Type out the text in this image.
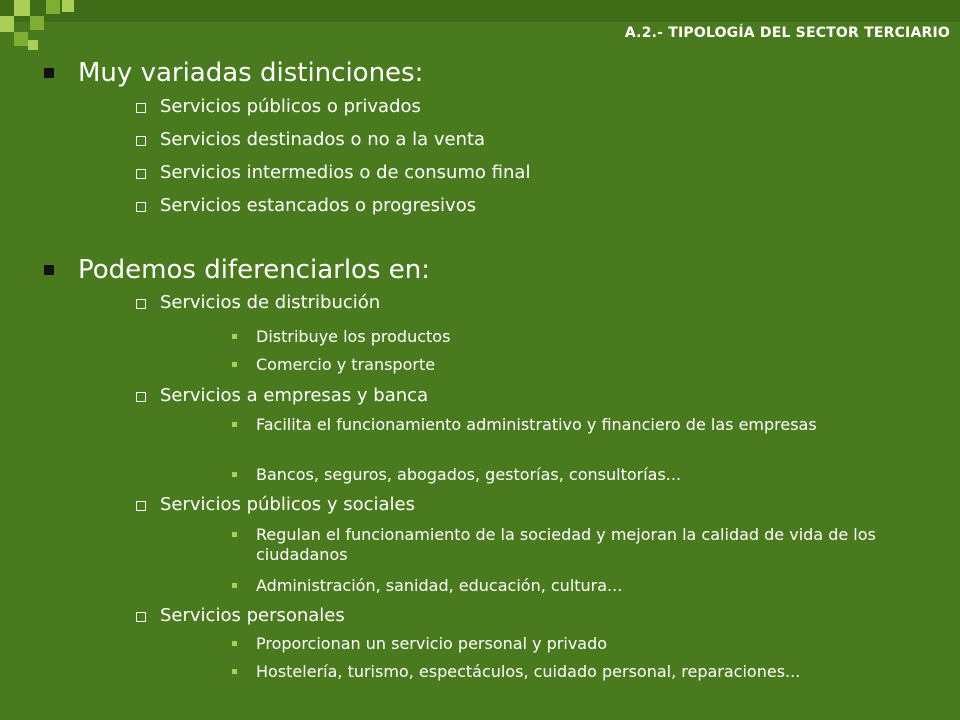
A.2.- TIPOLOGÍA DEL SECTOR TERCIARIO
Muy variadas distinciones:
Servicios públicos o privados
Servicios destinados o no a la venta
Servicios intermedios o de consumo final
Servicios estancados o progresivos
Podemos diferenciarlos en:
Servicios de distribución
Distribuye los productos
Comercio y transporte
Servicios a empresas y banca
Facilita el funcionamiento administrativo y financiero de las empresas
Bancos, seguros, abogados, gestorías, consultorías...
Servicios públicos y sociales
Regulan el funcionamiento de la sociedad y mejoran la calidad de vida de los ciudadanos
Administración, sanidad, educación, cultura...
Servicios personales
Proporcionan un servicio personal y privado
Hostelería, turismo, espectáculos, cuidado personal, reparaciones...
